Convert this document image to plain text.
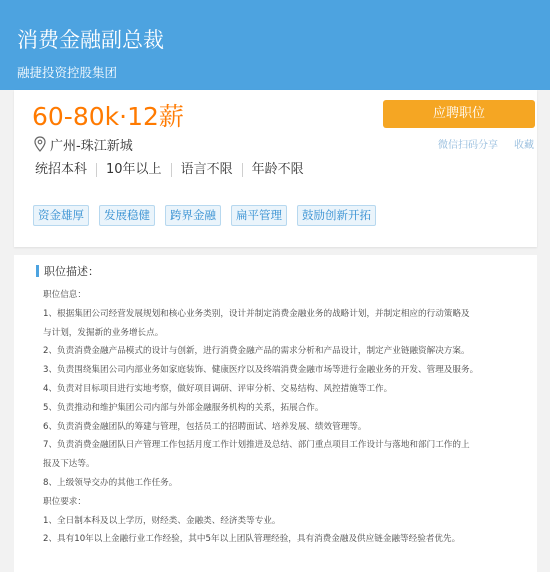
消费金融副总裁
融捷投资控股集团
60-80k·12薪	应聘职位
微信扫码分享 收藏
广州-珠江新城
统招本科	10年以上	语言不限	年龄不限
资金雄厚	发展稳健	跨界金融	扁平管理	鼓励创新开拓
职位描述：
职位信息：
1、根据集团公司经营发展规划和核心业务类别，设计并制定消费金融业务的战略计划，并制定相应的行动策略及
与计划，发掘新的业务增长点。
2、负责消费金融产品模式的设计与创新，进行消费金融产品的需求分析和产品设计，制定产业链融资解决方案。
3、负责围绕集团公司内部业务如家庭装饰、健康医疗以及终端消费金融市场等进行金融业务的开发、管理及服务。
4、负责对目标项目进行实地考察，做好项目调研、评审分析、交易结构、风控措施等工作。
5、负责推动和维护集团公司内部与外部金融服务机构的关系，拓展合作。
6、负责消费金融团队的筹建与管理，包括员工的招聘面试、培养发展、绩效管理等。
7、负责消费金融团队日产管理工作包括月度工作计划推进及总结、部门重点项目工作设计与落地和部门工作的上
报及下达等。
8、上级领导交办的其他工作任务。
职位要求：
1、全日制本科及以上学历，财经类、金融类、经济类等专业。
2、具有10年以上金融行业工作经验，其中5年以上团队管理经验，具有消费金融及供应链金融等经验者优先。
